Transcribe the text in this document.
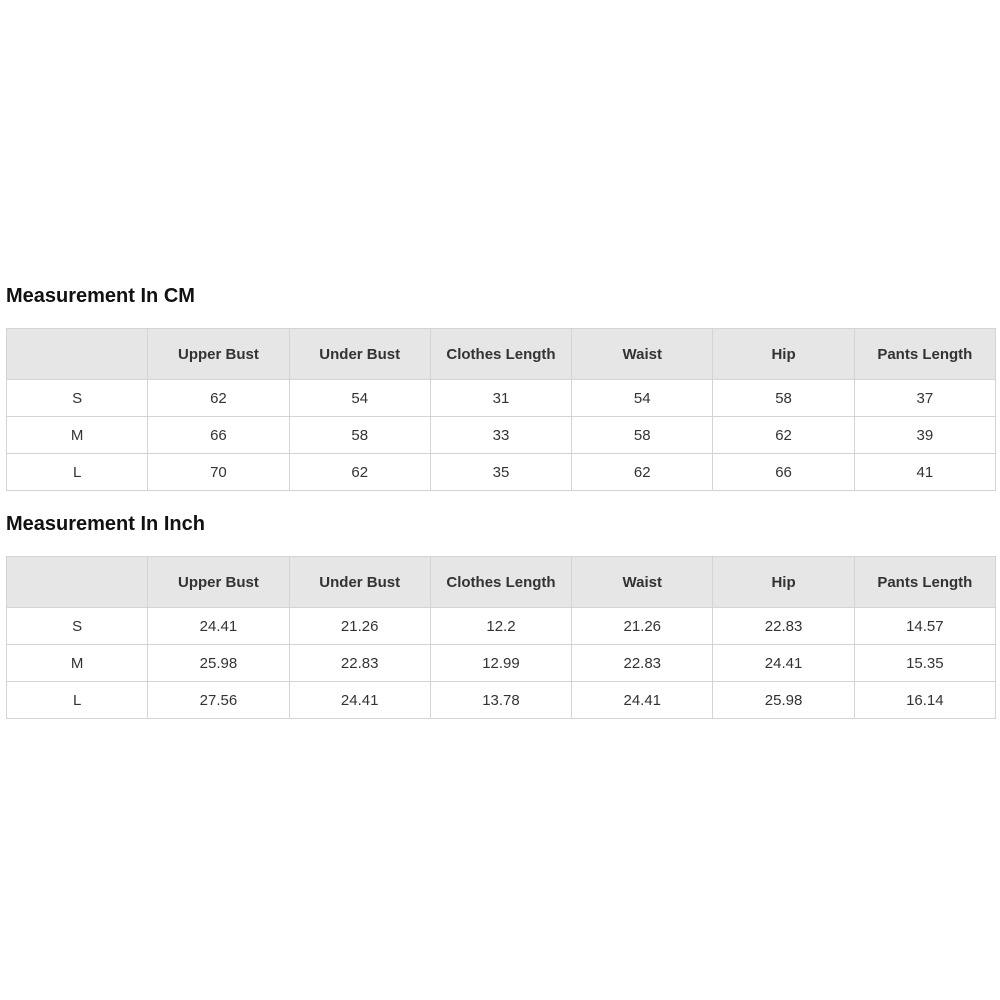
Measurement In CM
	Upper Bust	Under Bust	Clothes Length	Waist	Hip	Pants Length
S	62	54	31	54	58	37
M	66	58	33	58	62	39
L	70	62	35	62	66	41
Measurement In Inch
	Upper Bust	Under Bust	Clothes Length	Waist	Hip	Pants Length
S	24.41	21.26	12.2	21.26	22.83	14.57
M	25.98	22.83	12.99	22.83	24.41	15.35
L	27.56	24.41	13.78	24.41	25.98	16.14
